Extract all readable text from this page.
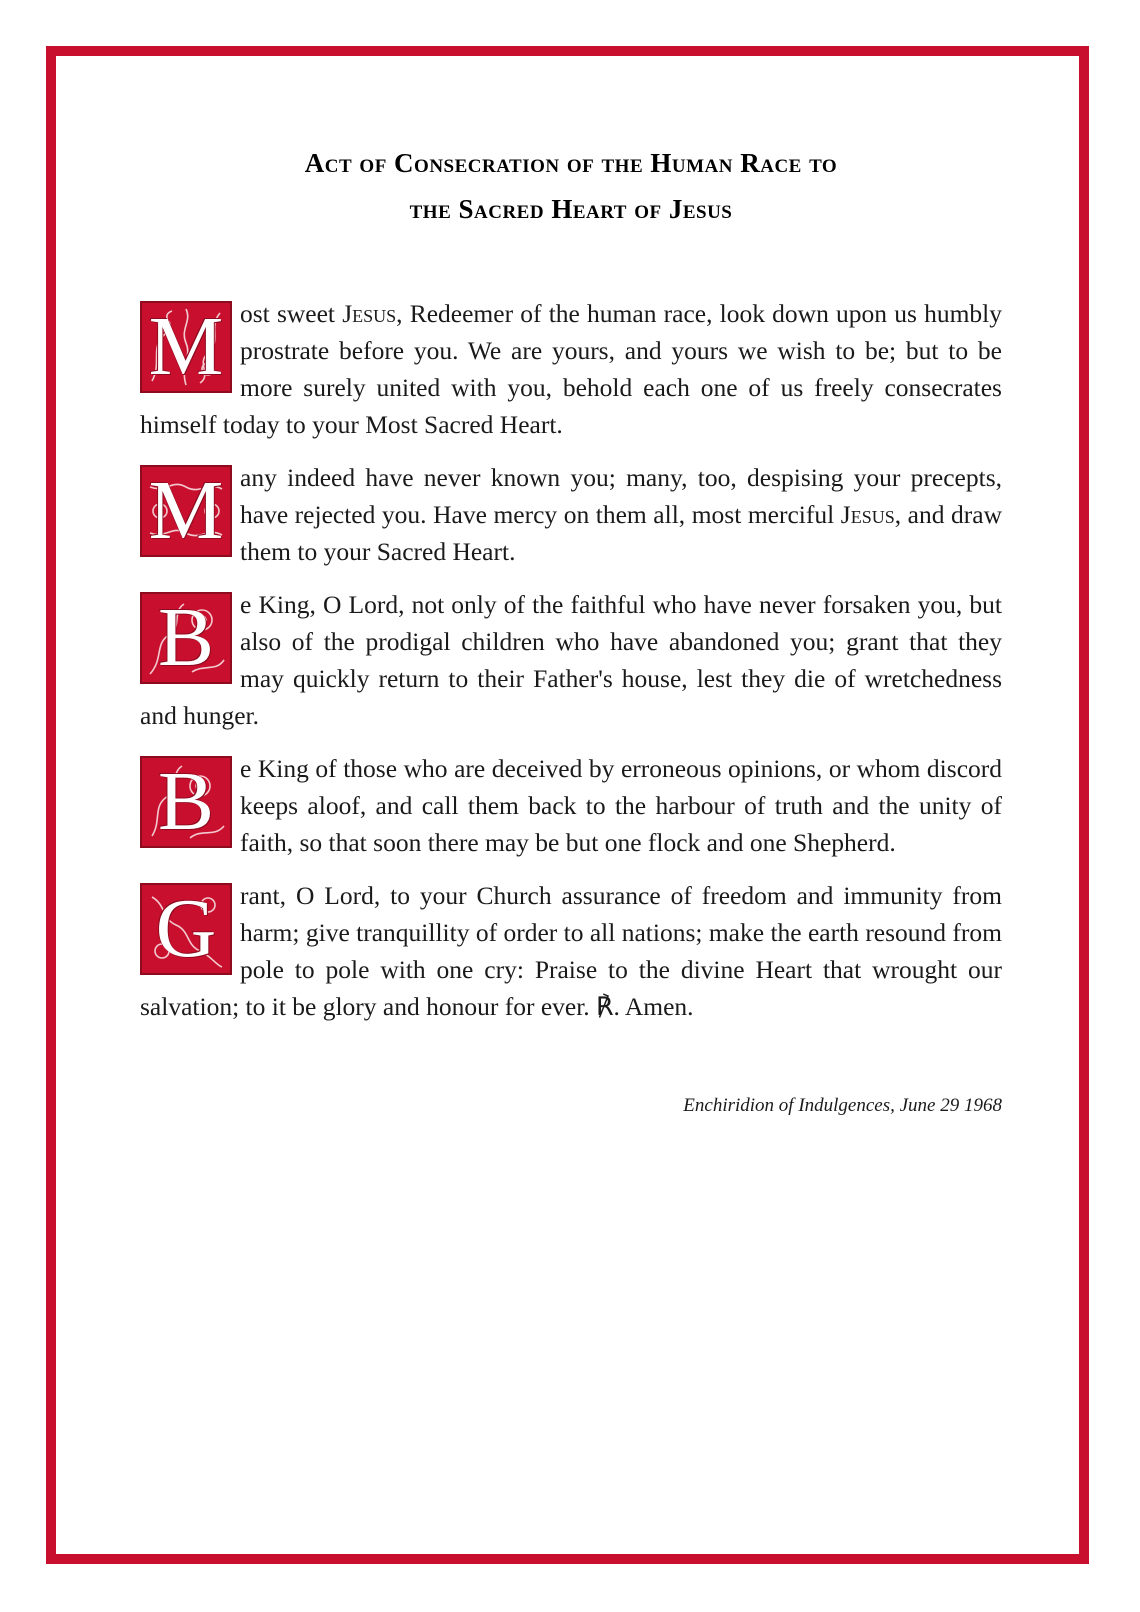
Act of Consecration of the Human Race to
the Sacred Heart of Jesus

M ost sweet Jesus, Redeemer of the human race, look down upon us humbly prostrate before you. We are yours, and yours we wish to be; but to be more surely united with you, behold each one of us freely consecrates himself today to your Most Sacred Heart.

M any indeed have never known you; many, too, despising your precepts, have rejected you. Have mercy on them all, most merciful Jesus, and draw them to your Sacred Heart.

B	e King, O Lord, not only of the faithful who have never forsaken you, but also of the prodigal children who have abandoned you; grant that they may quickly return to their Father's house, lest they die of wretchedness and hunger.

B	e King of those who are deceived by erroneous opinions, or whom discord keeps aloof, and call them back to the harbour of truth and the unity of faith, so that soon there may be but one flock and one Shepherd.

G rant, O Lord, to your Church assurance of freedom and immunity from harm; give tranquillity of order to all nations; make the earth resound from pole to pole with one cry: Praise to the divine Heart that wrought our salvation; to it be glory and honour for ever. ℟. Amen.

Enchiridion of Indulgences, June 29 1968
